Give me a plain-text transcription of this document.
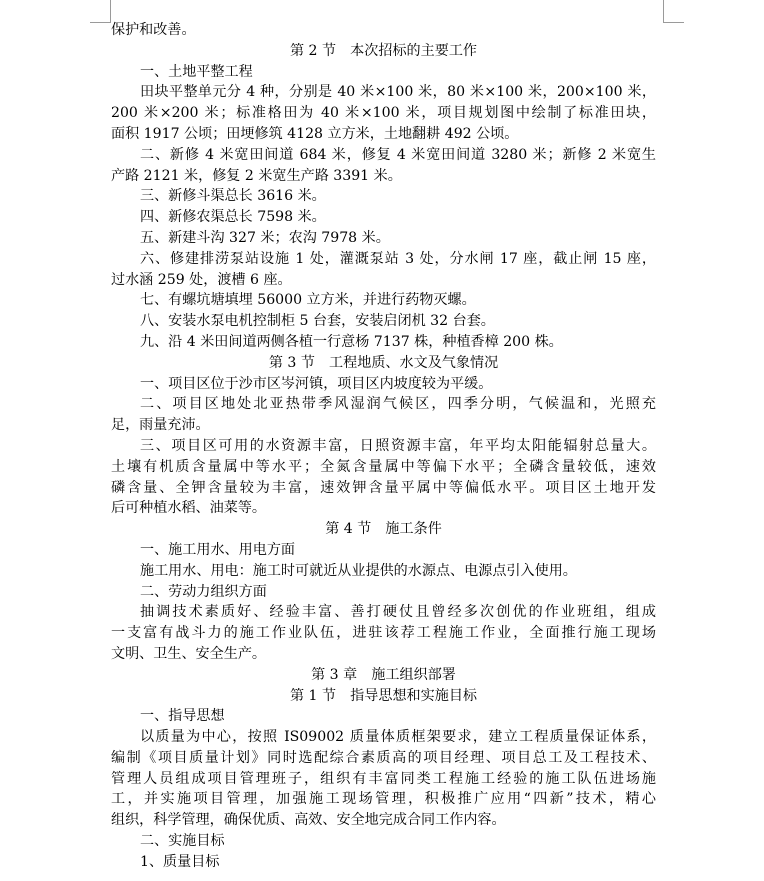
保护和改善。
第 2 节　本次招标的主要工作
一、土地平整工程
田块平整单元分 4 种，分别是 40 米×100 米，80 米×100 米，200×100 米，
200 米×200 米；标准格田为 40 米×100 米，项目规划图中绘制了标准田块，
面积 1917 公顷；田埂修筑 4128 立方米，土地翻耕 492 公顷。
二、新修 4 米宽田间道 684 米，修复 4 米宽田间道 3280 米；新修 2 米宽生
产路 2121 米，修复 2 米宽生产路 3391 米。
三、新修斗渠总长 3616 米。
四、新修农渠总长 7598 米。
五、新建斗沟 327 米；农沟 7978 米。
六、修建排涝泵站设施 1 处，灌溉泵站 3 处，分水闸 17 座，截止闸 15 座，
过水涵 259 处，渡槽 6 座。
七、有螺坑塘填埋 56000 立方米，并进行药物灭螺。
八、安装水泵电机控制柜 5 台套，安装启闭机 32 台套。
九、沿 4 米田间道两侧各植一行意杨 7137 株，种植香樟 200 株。
第 3 节　工程地质、水文及气象情况
一、项目区位于沙市区岑河镇，项目区内坡度较为平缓。
二、项目区地处北亚热带季风湿润气候区，四季分明，气候温和，光照充
足，雨量充沛。
三、项目区可用的水资源丰富，日照资源丰富，年平均太阳能辐射总量大。
土壤有机质含量属中等水平；全氮含量属中等偏下水平；全磷含量较低，速效
磷含量、全钾含量较为丰富，速效钾含量平属中等偏低水平。项目区土地开发
后可种植水稻、油菜等。
第 4 节　施工条件
一、施工用水、用电方面
施工用水、用电：施工时可就近从业提供的水源点、电源点引入使用。
二、劳动力组织方面
抽调技术素质好、经验丰富、善打硬仗且曾经多次创优的作业班组，组成
一支富有战斗力的施工作业队伍，进驻该荐工程施工作业，全面推行施工现场
文明、卫生、安全生产。
第 3 章　施工组织部署
第 1 节　指导思想和实施目标
一、指导思想
以质量为中心，按照 IS09002 质量体质框架要求，建立工程质量保证体系，
编制《项目质量计划》同时选配综合素质高的项目经理、项目总工及工程技术、
管理人员组成项目管理班子，组织有丰富同类工程施工经验的施工队伍进场施
工，并实施项目管理，加强施工现场管理，积极推广应用“四新”技术，精心
组织，科学管理，确保优质、高效、安全地完成合同工作内容。
二、实施目标
1、质量目标
